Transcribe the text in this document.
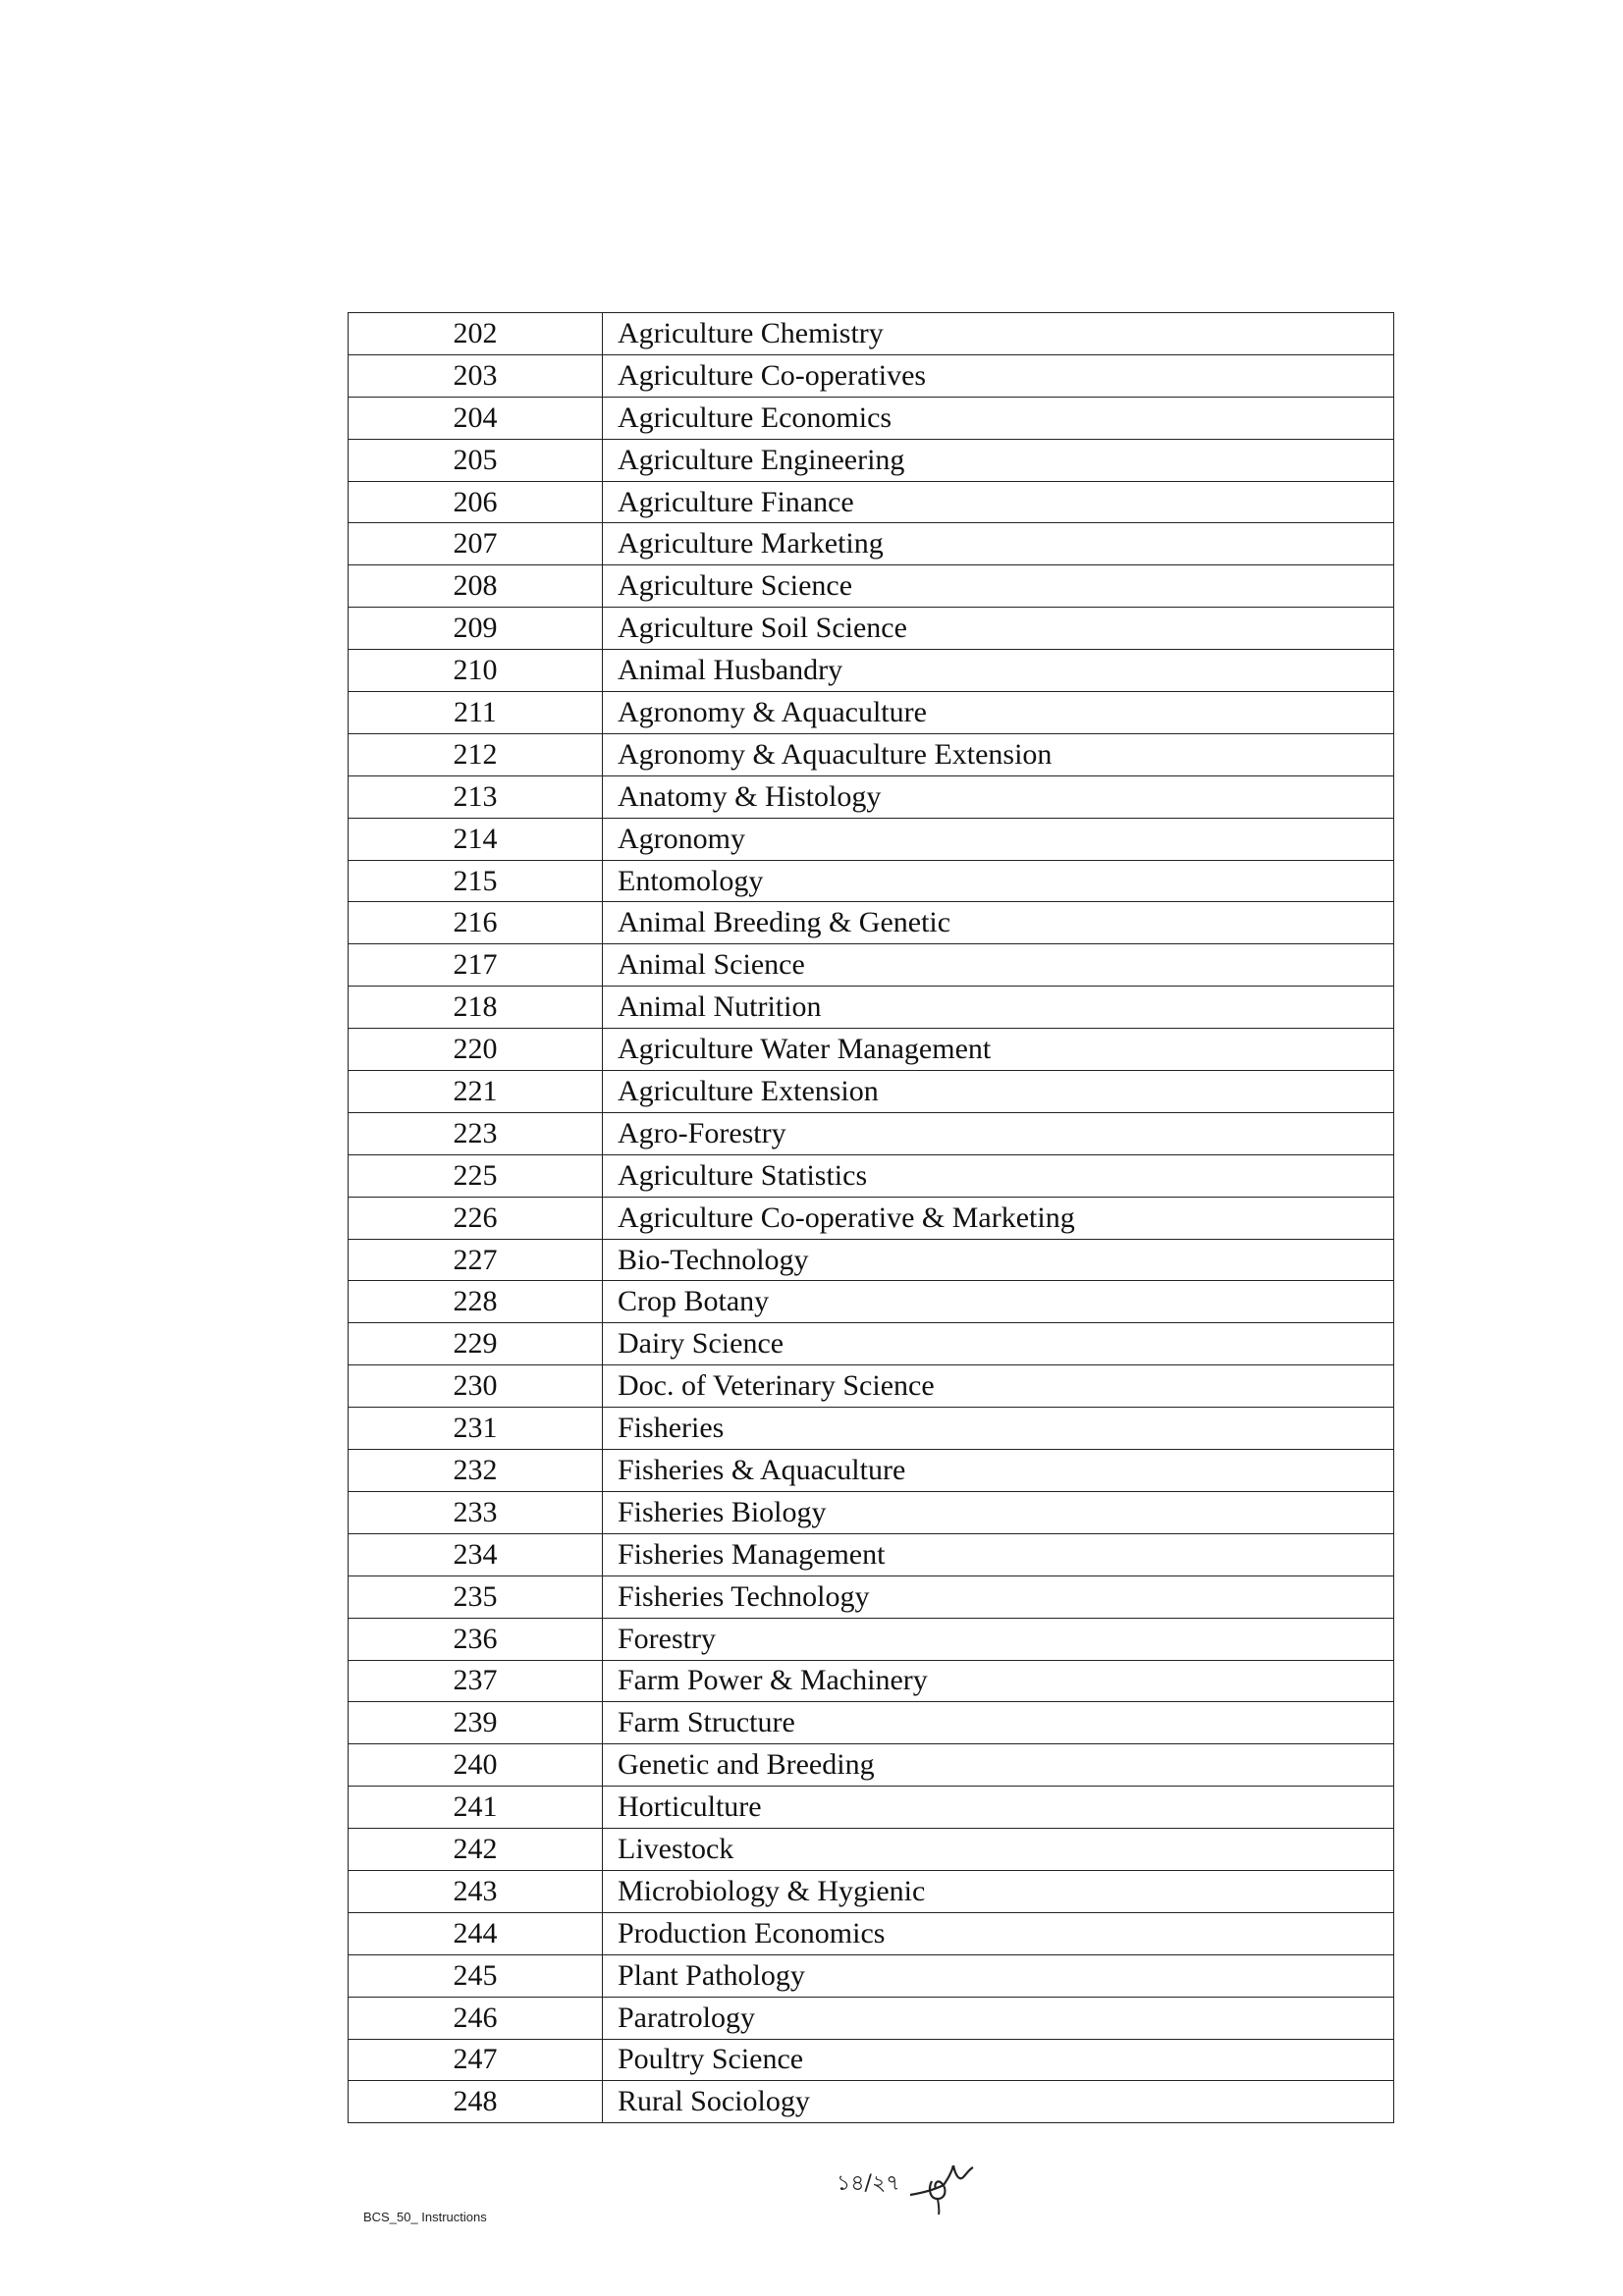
202	Agriculture Chemistry
203	Agriculture Co-operatives
204	Agriculture Economics
205	Agriculture Engineering
206	Agriculture Finance
207	Agriculture Marketing
208	Agriculture Science
209	Agriculture Soil Science
210	Animal Husbandry
211	Agronomy & Aquaculture
212	Agronomy & Aquaculture Extension
213	Anatomy & Histology
214	Agronomy
215	Entomology
216	Animal Breeding & Genetic
217	Animal Science
218	Animal Nutrition
220	Agriculture Water Management
221	Agriculture Extension
223	Agro-Forestry
225	Agriculture Statistics
226	Agriculture Co-operative & Marketing
227	Bio-Technology
228	Crop Botany
229	Dairy Science
230	Doc. of Veterinary Science
231	Fisheries
232	Fisheries & Aquaculture
233	Fisheries Biology
234	Fisheries Management
235	Fisheries Technology
236	Forestry
237	Farm Power & Machinery
239	Farm Structure
240	Genetic and Breeding
241	Horticulture
242	Livestock
243	Microbiology & Hygienic
244	Production Economics
245	Plant Pathology
246	Paratrology
247	Poultry Science
248	Rural Sociology
BCS_50_ Instructions
১৪/২৭
